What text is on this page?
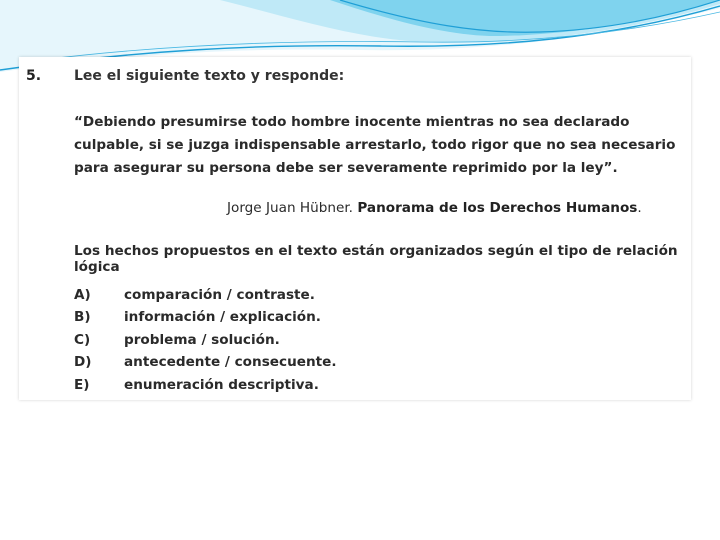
5. Lee el siguiente texto y responde:
“Debiendo presumirse todo hombre inocente mientras no sea declarado culpable, si se juzga indispensable arrestarlo, todo rigor que no sea necesario para asegurar su persona debe ser severamente reprimido por la ley”.
Jorge Juan Hübner. Panorama de los Derechos Humanos.
Los hechos propuestos en el texto están organizados según el tipo de relación lógica
A)	comparación / contraste.
B)	información / explicación.
C)	problema / solución.
D)	antecedente / consecuente.
E)	enumeración descriptiva.
